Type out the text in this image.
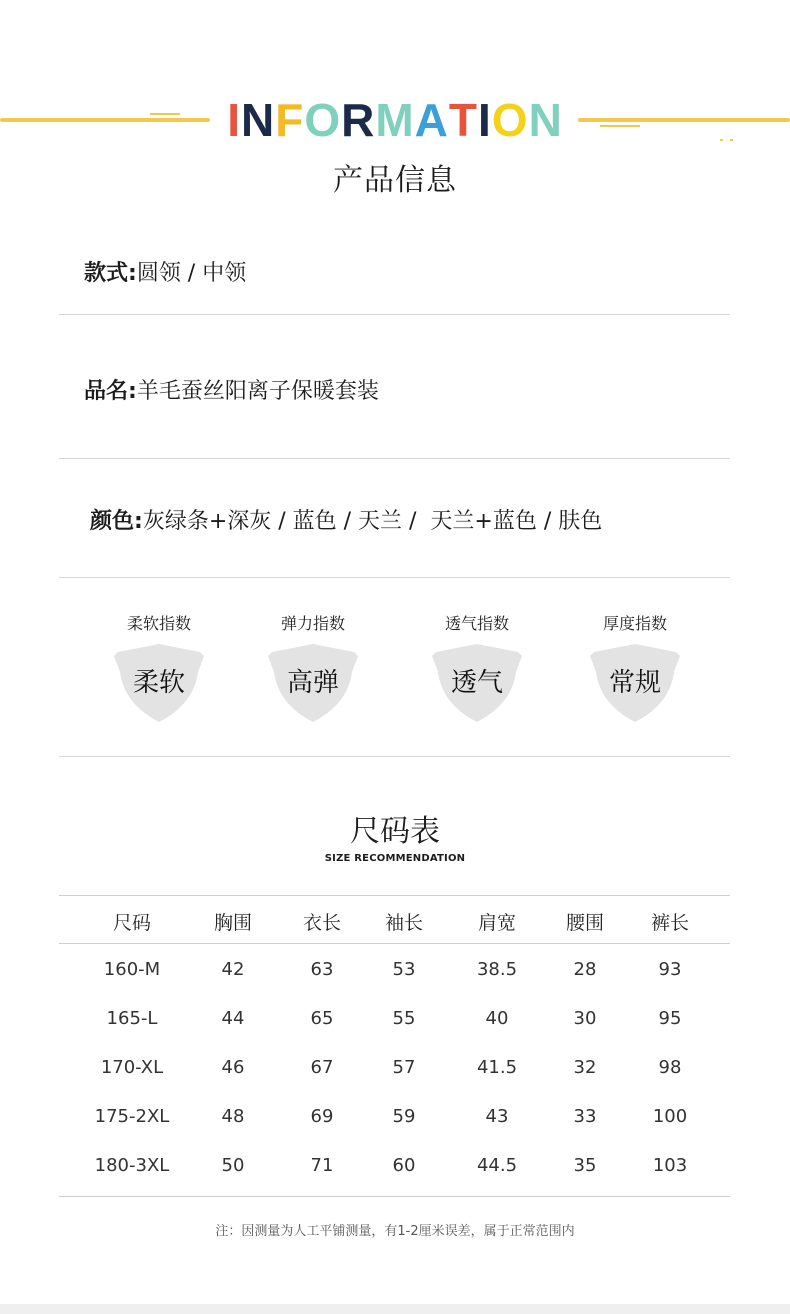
INFORMATION
产品信息
款式:圆领 / 中领
品名:羊毛蚕丝阳离子保暖套装
颜色:灰绿条+深灰 / 蓝色 / 天兰 /  天兰+蓝色 / 肤色
柔软指数
柔软
弹力指数
高弹
透气指数
透气
厚度指数
常规
尺码表
SIZE RECOMMENDATION
尺码	胸围	衣长	袖长	肩宽	腰围	裤长
160-M	42	63	53	38.5	28	93
165-L	44	65	55	40	30	95
170-XL	46	67	57	41.5	32	98
175-2XL	48	69	59	43	33	100
180-3XL	50	71	60	44.5	35	103
注：因测量为人工平铺测量，有1-2厘米误差，属于正常范围内
